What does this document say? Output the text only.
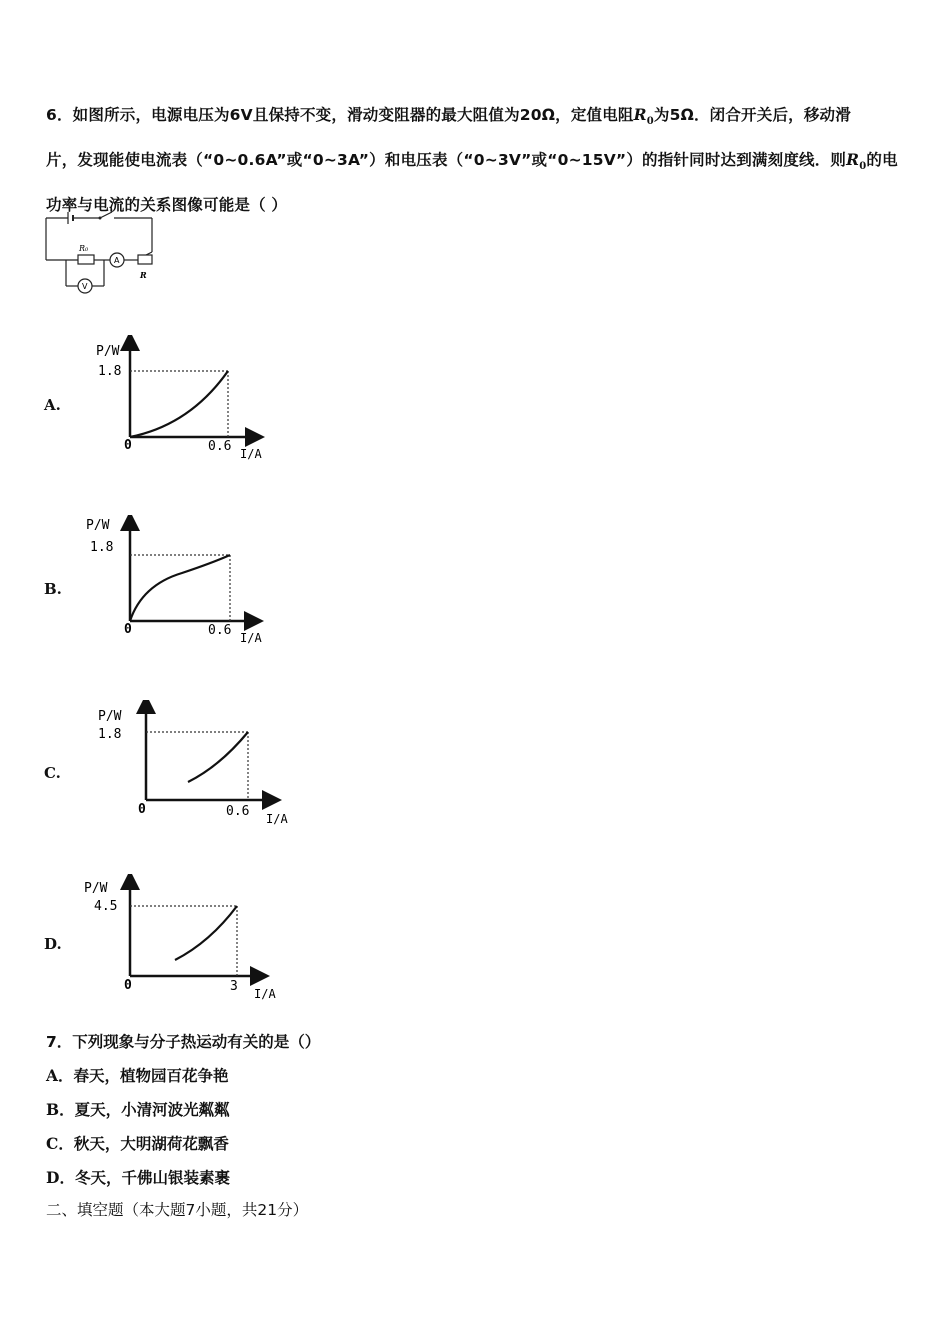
6．如图所示，电源电压为6V且保持不变，滑动变阻器的最大阻值为20Ω，定值电阻$R_0$为5Ω．闭合开关后，移动滑

片，发现能使电流表（“0~0.6A”或“0~3A”）和电压表（“0~3V”或“0~15V”）的指针同时达到满刻度线．则$R_0$的电

功率与电流的关系图像可能是（ ）

R₀
A
V
R
A.
P/W
1.8
0	0.6 I/A
B.
P/W
1.8
0	0.6 I/A
C.
P/W
1.8
0	0.6 I/A
D.
P/W
4.5
0	3 I/A

7．下列现象与分子热运动有关的是（）

A．春天，植物园百花争艳

B．夏天，小清河波光粼粼

C．秋天，大明湖荷花飘香

D．冬天，千佛山银装素裹

二、填空题（本大题7小题，共21分）
